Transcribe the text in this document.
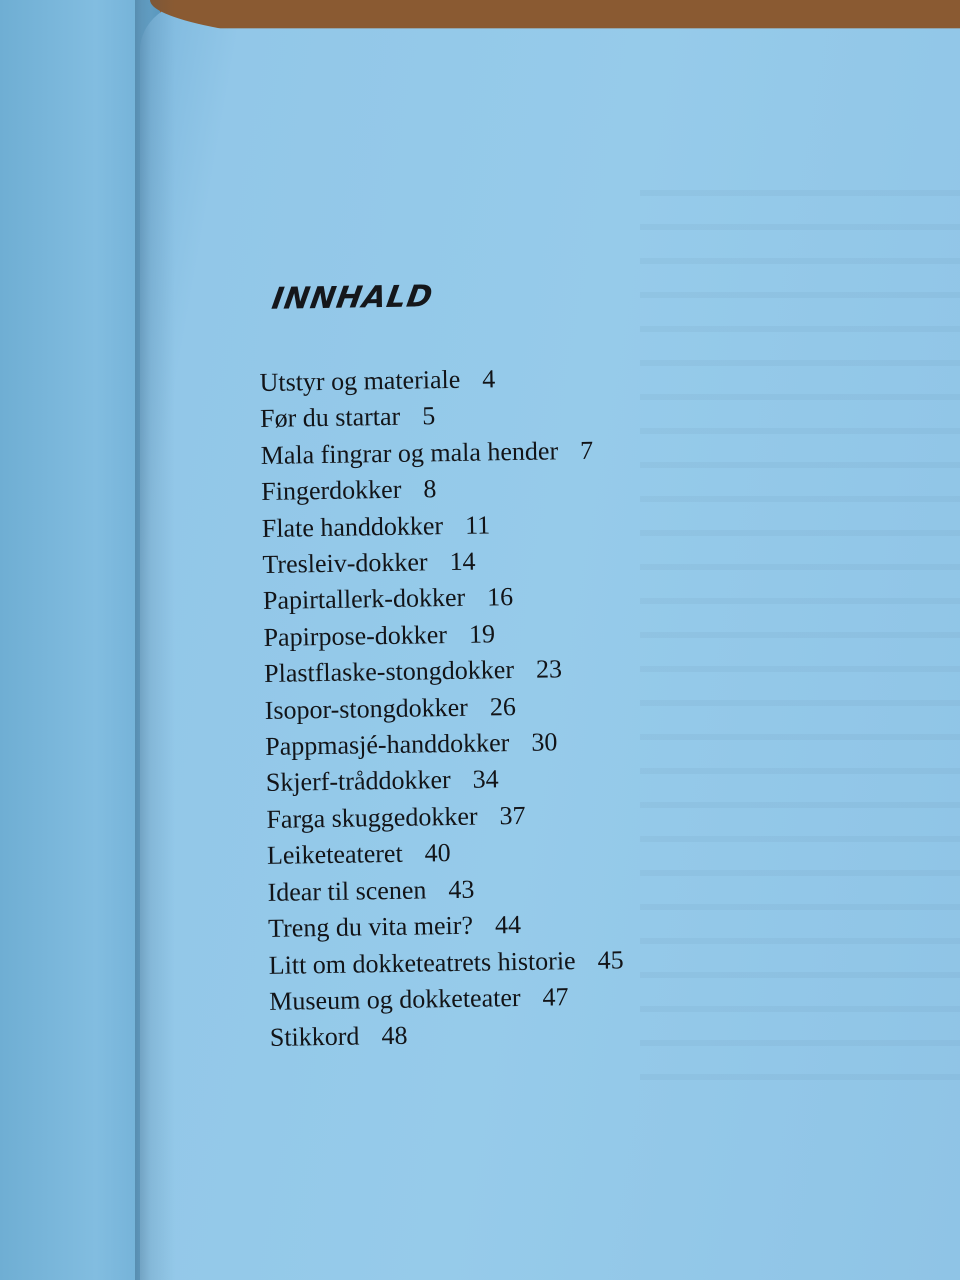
INNHALD
Utstyr og materiale 4
Før du startar 5
Mala fingrar og mala hender 7
Fingerdokker 8
Flate handdokker 11
Tresleiv-dokker 14
Papirtallerk-dokker 16
Papirpose-dokker 19
Plastflaske-stongdokker 23
Isopor-stongdokker 26
Pappmasjé-handdokker 30
Skjerf-tråddokker 34
Farga skuggedokker 37
Leiketeateret 40
Idear til scenen 43
Treng du vita meir? 44
Litt om dokketeatrets historie 45
Museum og dokketeater 47
Stikkord 48
